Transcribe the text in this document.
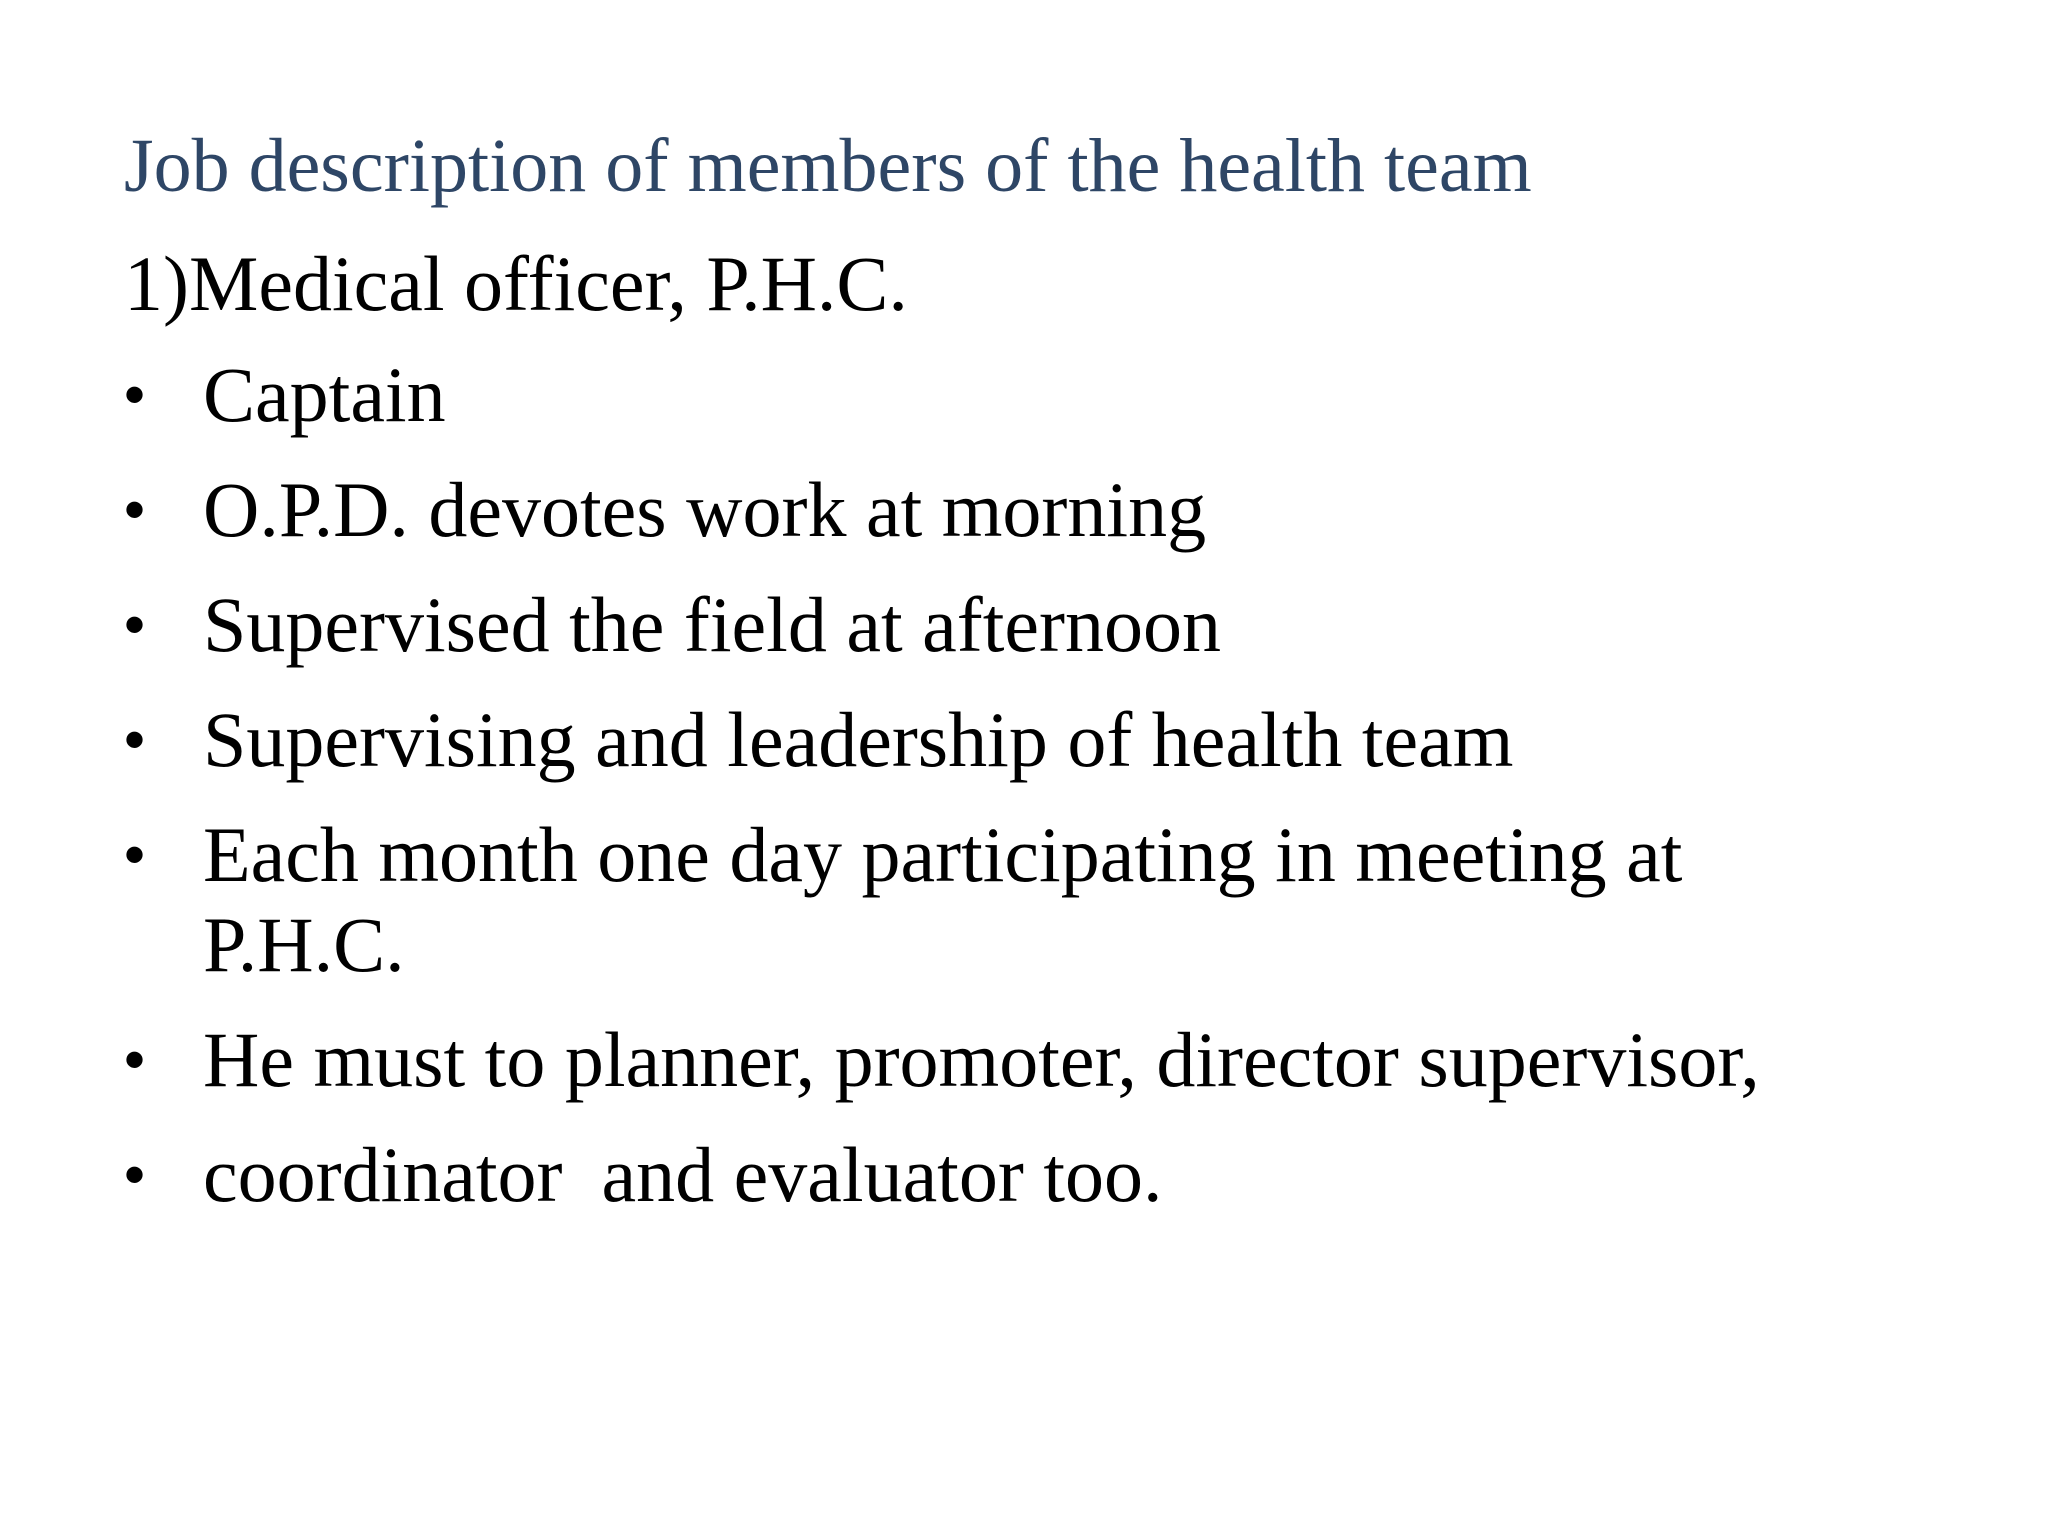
Job description of members of the health team
1)Medical officer, P.H.C.
• Captain
• O.P.D. devotes work at morning
• Supervised the field at afternoon
• Supervising and leadership of health team
• Each month one day participating in meeting at P.H.C.
• He must to planner, promoter, director supervisor,
• coordinator  and evaluator too.
